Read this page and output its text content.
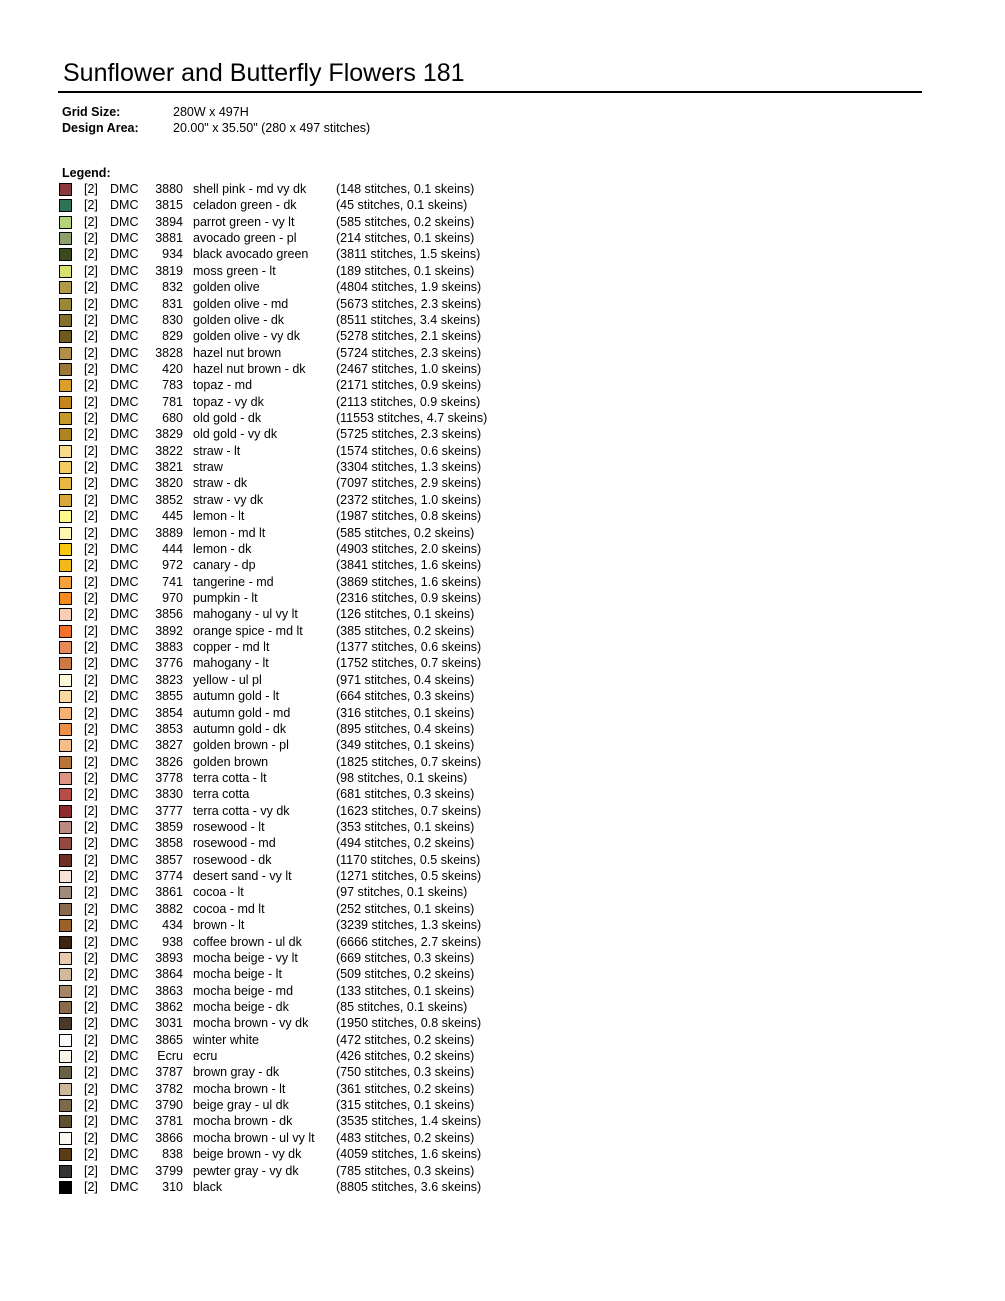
Sunflower and Butterfly Flowers 181
Grid Size:	280W x 497H
Design Area:	20.00" x 35.50" (280 x 497 stitches)
Legend:
[2] DMC	3880 shell pink - md vy dk (148 stitches, 0.1 skeins)
[2] DMC	3815 celadon green - dk	(45 stitches, 0.1 skeins)
[2] DMC	3894 parrot green - vy lt	(585 stitches, 0.2 skeins)
[2] DMC	3881 avocado green - pl	(214 stitches, 0.1 skeins)
[2] DMC	934 black avocado green (3811 stitches, 1.5 skeins)
[2] DMC	3819 moss green - lt	(189 stitches, 0.1 skeins)
[2] DMC	832 golden olive	(4804 stitches, 1.9 skeins)
[2] DMC	831 golden olive - md	(5673 stitches, 2.3 skeins)
[2] DMC	830 golden olive - dk	(8511 stitches, 3.4 skeins)
[2] DMC	829 golden olive - vy dk	(5278 stitches, 2.1 skeins)
[2] DMC	3828 hazel nut brown	(5724 stitches, 2.3 skeins)
[2] DMC	420 hazel nut brown - dk (2467 stitches, 1.0 skeins)
[2] DMC	783 topaz - md	(2171 stitches, 0.9 skeins)
[2] DMC	781 topaz - vy dk	(2113 stitches, 0.9 skeins)
[2] DMC	680 old gold - dk	(11553 stitches, 4.7 skeins)
[2] DMC	3829 old gold - vy dk	(5725 stitches, 2.3 skeins)
[2] DMC	3822 straw - lt	(1574 stitches, 0.6 skeins)
[2] DMC	3821 straw	(3304 stitches, 1.3 skeins)
[2] DMC	3820 straw - dk	(7097 stitches, 2.9 skeins)
[2] DMC	3852 straw - vy dk	(2372 stitches, 1.0 skeins)
[2] DMC	445 lemon - lt	(1987 stitches, 0.8 skeins)
[2] DMC	3889 lemon - md lt	(585 stitches, 0.2 skeins)
[2] DMC	444 lemon - dk	(4903 stitches, 2.0 skeins)
[2] DMC	972 canary - dp	(3841 stitches, 1.6 skeins)
[2] DMC	741 tangerine - md	(3869 stitches, 1.6 skeins)
[2] DMC	970 pumpkin - lt	(2316 stitches, 0.9 skeins)
[2] DMC	3856 mahogany - ul vy lt	(126 stitches, 0.1 skeins)
[2] DMC	3892 orange spice - md lt	(385 stitches, 0.2 skeins)
[2] DMC	3883 copper - md lt	(1377 stitches, 0.6 skeins)
[2] DMC	3776 mahogany - lt	(1752 stitches, 0.7 skeins)
[2] DMC	3823 yellow - ul pl	(971 stitches, 0.4 skeins)
[2] DMC	3855 autumn gold - lt	(664 stitches, 0.3 skeins)
[2] DMC	3854 autumn gold - md	(316 stitches, 0.1 skeins)
[2] DMC	3853 autumn gold - dk	(895 stitches, 0.4 skeins)
[2] DMC	3827 golden brown - pl	(349 stitches, 0.1 skeins)
[2] DMC	3826 golden brown	(1825 stitches, 0.7 skeins)
[2] DMC	3778 terra cotta - lt	(98 stitches, 0.1 skeins)
[2] DMC	3830 terra cotta	(681 stitches, 0.3 skeins)
[2] DMC	3777 terra cotta - vy dk	(1623 stitches, 0.7 skeins)
[2] DMC	3859 rosewood - lt	(353 stitches, 0.1 skeins)
[2] DMC	3858 rosewood - md	(494 stitches, 0.2 skeins)
[2] DMC	3857 rosewood - dk	(1170 stitches, 0.5 skeins)
[2] DMC	3774 desert sand - vy lt	(1271 stitches, 0.5 skeins)
[2] DMC	3861 cocoa - lt	(97 stitches, 0.1 skeins)
[2] DMC	3882 cocoa - md lt	(252 stitches, 0.1 skeins)
[2] DMC	434 brown - lt	(3239 stitches, 1.3 skeins)
[2] DMC	938 coffee brown - ul dk	(6666 stitches, 2.7 skeins)
[2] DMC	3893 mocha beige - vy lt	(669 stitches, 0.3 skeins)
[2] DMC	3864 mocha beige - lt	(509 stitches, 0.2 skeins)
[2] DMC	3863 mocha beige - md	(133 stitches, 0.1 skeins)
[2] DMC	3862 mocha beige - dk	(85 stitches, 0.1 skeins)
[2] DMC	3031 mocha brown - vy dk (1950 stitches, 0.8 skeins)
[2] DMC	3865 winter white	(472 stitches, 0.2 skeins)
[2] DMC	Ecru ecru	(426 stitches, 0.2 skeins)
[2] DMC	3787 brown gray - dk	(750 stitches, 0.3 skeins)
[2] DMC	3782 mocha brown - lt	(361 stitches, 0.2 skeins)
[2] DMC	3790 beige gray - ul dk	(315 stitches, 0.1 skeins)
[2] DMC	3781 mocha brown - dk	(3535 stitches, 1.4 skeins)
[2] DMC	3866 mocha brown - ul vy lt (483 stitches, 0.2 skeins)
[2] DMC	838 beige brown - vy dk	(4059 stitches, 1.6 skeins)
[2] DMC	3799 pewter gray - vy dk	(785 stitches, 0.3 skeins)
[2] DMC	310 black	(8805 stitches, 3.6 skeins)
